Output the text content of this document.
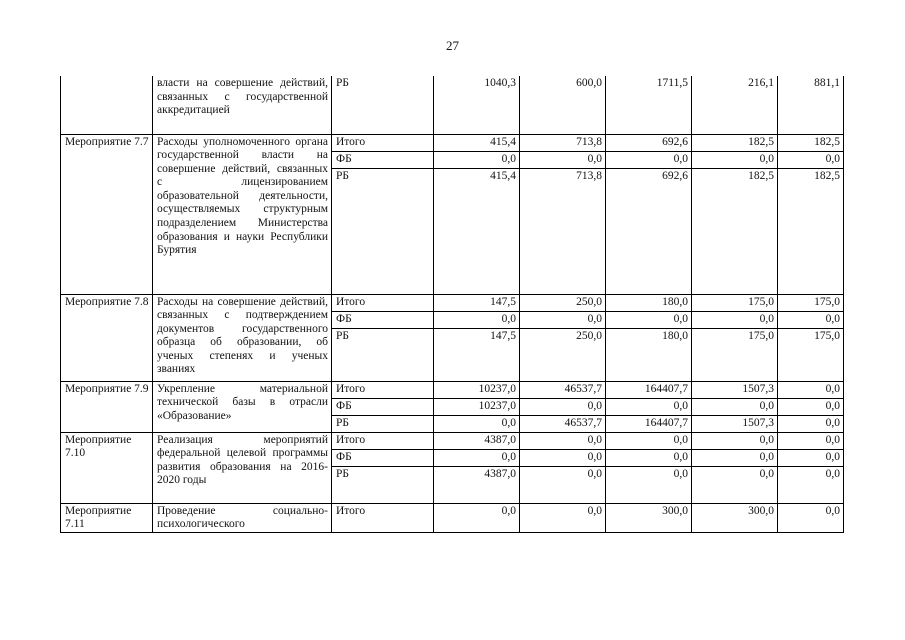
27
	власти на совершение действий, связанных с государственной аккредитацией	РБ	1040,3	600,0	1711,5	216,1	881,1
Мероприятие 7.7	Расходы уполномоченного органа государственной власти на совершение действий, связанных с лицензированием образовательной деятельности, осуществляемых структурным подразделением Министерства образования и науки Республики Бурятия	Итого	415,4	713,8	692,6	182,5	182,5
		ФБ	0,0	0,0	0,0	0,0	0,0
		РБ	415,4	713,8	692,6	182,5	182,5
Мероприятие 7.8	Расходы на совершение действий, связанных с подтверждением документов государственного образца об образовании, об ученых степенях и ученых званиях	Итого	147,5	250,0	180,0	175,0	175,0
		ФБ	0,0	0,0	0,0	0,0	0,0
		РБ	147,5	250,0	180,0	175,0	175,0
Мероприятие 7.9	Укрепление материальной технической базы в отрасли «Образование»	Итого	10237,0	46537,7	164407,7	1507,3	0,0
		ФБ	10237,0	0,0	0,0	0,0	0,0
		РБ	0,0	46537,7	164407,7	1507,3	0,0
Мероприятие 7.10	Реализация мероприятий федеральной целевой программы развития образования на 2016-2020 годы	Итого	4387,0	0,0	0,0	0,0	0,0
		ФБ	0,0	0,0	0,0	0,0	0,0
		РБ	4387,0	0,0	0,0	0,0	0,0
Мероприятие 7.11	Проведение социально-психологического	Итого	0,0	0,0	300,0	300,0	0,0
